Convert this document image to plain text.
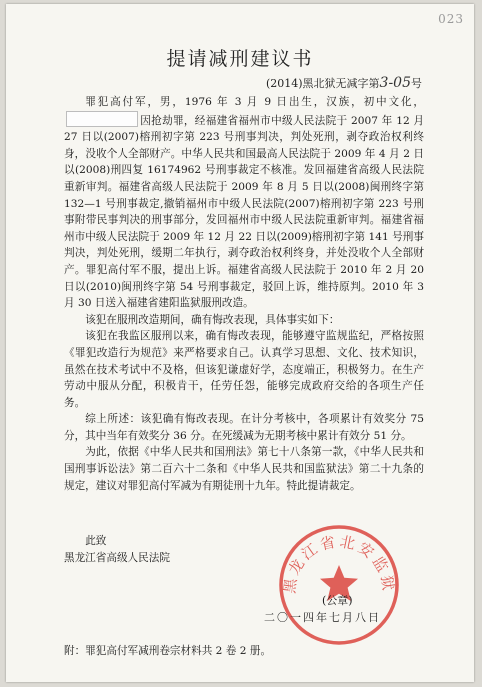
023
提请减刑建议书
(2014)黑北狱无减字第3-05号

罪犯高付军，男，1976 年 3 月 9 日出生，汉族，初中文化，因抢劫罪，经福建省福州市中级人民法院于 2007 年 12 月 27 日以(2007)榕刑初字第 223 号刑事判决，判处死刑，剥夺政治权利终身，没收个人全部财产。中华人民共和国最高人民法院于 2009 年 4 月 2 日以(2008)刑四复 16174962 号刑事裁定不核准。发回福建省高级人民法院重新审判。福建省高级人民法院于 2009 年 8 月 5 日以(2008)闽刑终字第 132—1 号刑事裁定,撤销福州市中级人民法院(2007)榕刑初字第 223 号刑事附带民事判决的刑事部分，发回福州市中级人民法院重新审判。福建省福州市中级人民法院于 2009 年 12 月 22 日以(2009)榕刑初字第 141 号刑事判决，判处死刑，缓期二年执行，剥夺政治权利终身，并处没收个人全部财产。罪犯高付军不服，提出上诉。福建省高级人民法院于 2010 年 2 月 20 日以(2010)闽刑终字第 54 号刑事裁定，驳回上诉，维持原判。2010 年 3 月 30 日送入福建省建阳监狱服刑改造。

该犯在服刑改造期间，确有悔改表现，具体事实如下：

该犯在我监区服刑以来，确有悔改表现，能够遵守监规监纪，严格按照《罪犯改造行为规范》来严格要求自己。认真学习思想、文化、技术知识，虽然在技术考试中不及格，但该犯谦虚好学，态度端正，积极努力。在生产劳动中服从分配，积极肯干，任劳任怨，能够完成政府交给的各项生产任务。

综上所述：该犯确有悔改表现。在计分考核中，各项累计有效奖分 75 分，其中当年有效奖分 36 分。在死缓减为无期考核中累计有效分 51 分。

为此，依据《中华人民共和国刑法》第七十八条第一款，《中华人民共和国刑事诉讼法》第二百六十二条和《中华人民共和国监狱法》第二十九条的规定，建议对罪犯高付军减为有期徒刑十九年。特此提请裁定。

此致
黑龙江省高级人民法院
黑龙江省北安监狱
(公章)
二〇一四年七月八日
附：罪犯高付军减刑卷宗材料共 2 卷 2 册。
